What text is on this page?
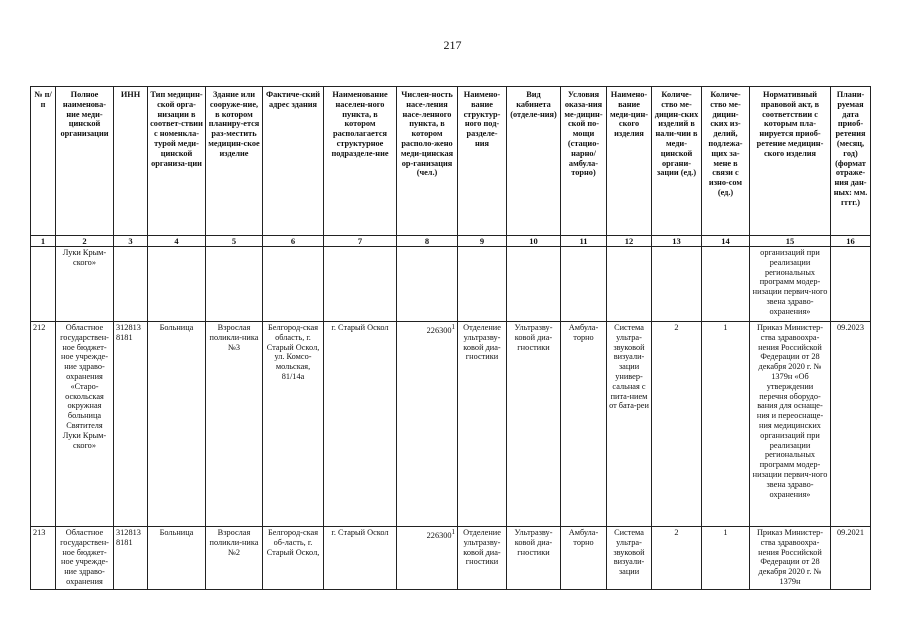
217
№ п/п	Полное наименова-ние меди-цинской организации	ИНН	Тип медицин-ской орга-низации в соответ-ствии с номенкла-турой меди-цинской организа-ции	Здание или сооруже-ние, в котором планиру-ется раз-местить медицин-ское изделие	Фактиче-ский адрес здания	Наименование населен-ного пункта, в котором располагается структурное подразделе-ние	Числен-ность насе-ления насе-ленного пункта, в котором располо-жено меди-цинская ор-ганизация (чел.)	Наимено-вание структур-ного под-разделе-ния	Вид кабинета (отделе-ния)	Условия оказа-ния ме-дицин-ской по-мощи (стацио-нарно/ амбула-торно)	Наимено-вание меди-цин-ского изделия	Количе-ство ме-дицин-ских изделий в нали-чии в меди-цинской органи-зации (ед.)	Количе-ство ме-дицин-ских из-делий, подлежа-щих за-мене в связи с изно-сом (ед.)	Нормативный правовой акт, в соответствии с которым пла-нируется приоб-ретение медицин-ского изделия	Плани-руемая дата приоб-ретения (месяц, год) (формат отраже-ния дан-ных: мм. гггг.)
1	2	3	4	5	6	7	8	9	10	11	12	13	14	15	16
	Луки Крым-ского»													организаций при реализации региональных программ модер-низации первич-ного звена здраво-охранения»	
212	Областное государствен-ное бюджет-ное учрежде-ние здраво-охранения «Старо-оскольская окружная больница Святителя Луки Крым-ского»	312813 8181	Больница	Взрослая поликли-ника №3	Белгород-ская область, г. Старый Оскол, ул. Комсо-мольская, 81/14а	г. Старый Оскол	226300$^1$	Отделение ультразву-ковой диа-гностики	Ультразву-ковой диа-гностики	Амбула-торно	Система ультра-звуковой визуали-зации универ-сальная с пита-нием от бата-реи	2	1	Приказ Министер-ства здравоохра-нения Российской Федерации от 28 декабря 2020 г. № 1379н «Об утверждении перечня оборудо-вания для оснаще-ния и переоснаще-ния медицинских организаций при реализации региональных программ модер-низации первич-ного звена здраво-охранения»	09.2023
213	Областное государствен-ное бюджет-ное учрежде-ние здраво-охранения	312813 8181	Больница	Взрослая поликли-ника №2	Белгород-ская об-ласть, г. Старый Оскол,	г. Старый Оскол	226300$^1$	Отделение ультразву-ковой диа-гностики	Ультразву-ковой диа-гностики	Амбула-торно	Система ультра-звуковой визуали-зации	2	1	Приказ Министер-ства здравоохра-нения Российской Федерации от 28 декабря 2020 г. № 1379н	09.2021
